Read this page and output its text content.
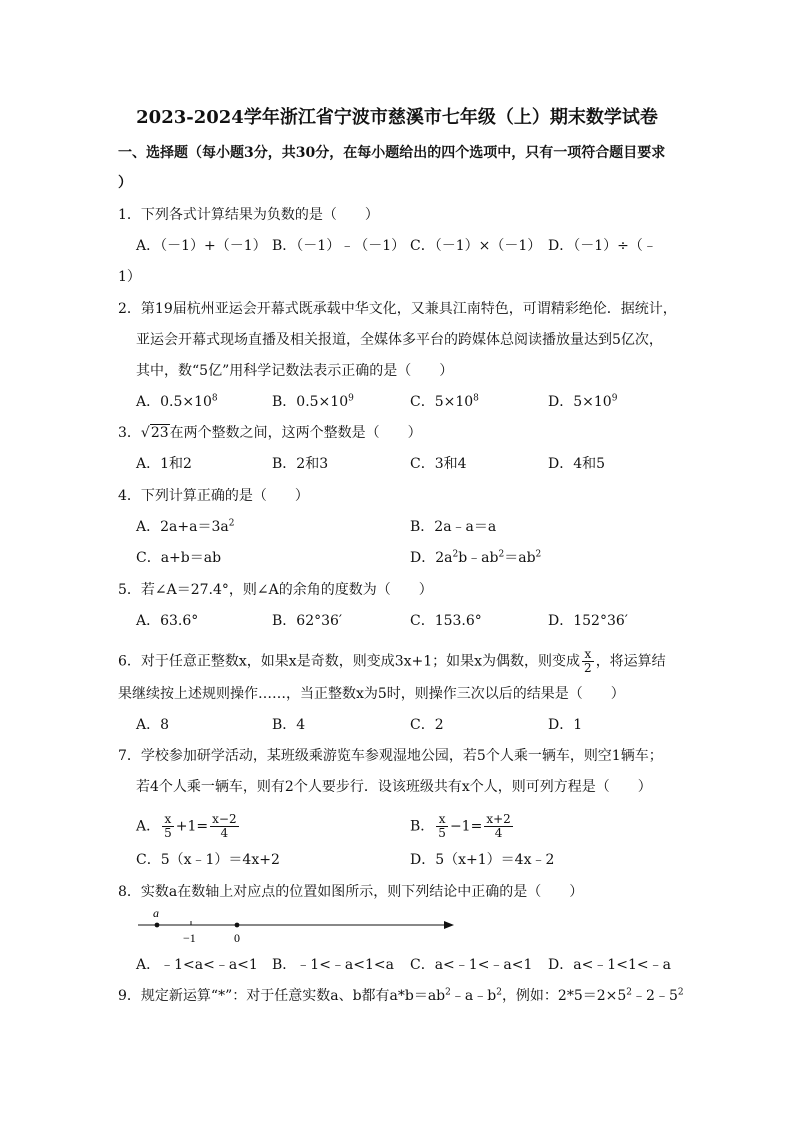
2023-2024学年浙江省宁波市慈溪市七年级（上）期末数学试卷
一、选择题（每小题3分，共30分，在每小题给出的四个选项中，只有一项符合题目要求
）
1．下列各式计算结果为负数的是（　　）
A．（－1）+（－1） B．（－1）﹣（－1） C．（－1）×（－1） D．（－1）÷（﹣
1）
2．第19届杭州亚运会开幕式既承载中华文化，又兼具江南特色，可谓精彩绝伦．据统计，
亚运会开幕式现场直播及相关报道，全媒体多平台的跨媒体总阅读播放量达到5亿次，
其中，数“5亿”用科学记数法表示正确的是（　　）
A．$0.5\times 10^8$	B．$0.5\times 10^9$	C．$5\times 10^8$	D．$5\times 10^9$
3．√23在两个整数之间，这两个整数是（　　）
A．1和2	B．2和3	C．3和4	D．4和5
4．下列计算正确的是（　　）
A．$2a+a=3a^2$	B．2a﹣a＝a
C．a+b＝ab	D．$2a^2b﹣ab^2=ab^2$
5．若∠A＝27.4°，则∠A的余角的度数为（　　）
A．63.6°	B．62°36′	C．153.6°	D．152°36′
6．对于任意正整数x，如果x是奇数，则变成3x+1；如果x为偶数，则变成 $\frac{x}{2}$ ，将运算结
果继续按上述规则操作……，当正整数x为5时，则操作三次以后的结果是（　　）
A．8	B．4	C．2	D．1
7．学校参加研学活动，某班级乘游览车参观湿地公园，若5个人乘一辆车，则空1辆车；
若4个人乘一辆车，则有2个人要步行．设该班级共有x个人，则可列方程是（　　）
A． $\frac{x}{5} +1= \frac{x-2}{4}$	B． $\frac{x}{5} -1= \frac{x+2}{4}$
C．5（x﹣1）＝4x+2	D．5（x+1）＝4x﹣2
8．实数a在数轴上对应点的位置如图所示，则下列结论中正确的是（　　）
a
−1	0
A．﹣1<a<﹣a<1 B．﹣1<﹣a<1<a C．a<﹣1<﹣a<1 D．a<﹣1<1<﹣a
9．规定新运算“*”：对于任意实数a、b都有$a*b=ab^2﹣a﹣b^2$，例如：$2*5=2\times 5^2﹣2﹣5^2$
